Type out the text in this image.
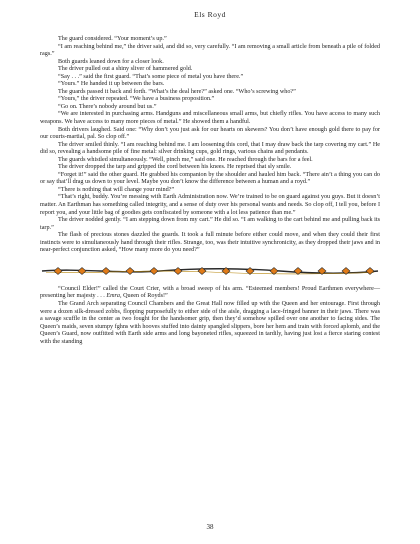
Els Royd

The guard considered. “Your moment’s up.”

“I am reaching behind me,” the driver said, and did so, very carefully. “I am removing a small article from beneath a pile of folded rags.”

Both guards leaned down for a closer look.

The driver pulled out a shiny sliver of hammered gold.

“Say . . .” said the first guard. “That’s some piece of metal you have there.”

“Yours.” He handed it up between the bars.

The guards passed it back and forth. “What’s the deal here?” asked one. “Who’s screwing who?”

“Yours,” the driver repeated. “We have a business proposition.”

“Go on. There’s nobody around but us.”

“We are interested in purchasing arms. Handguns and miscellaneous small arms, but chiefly rifles. You have access to many such weapons. We have access to many more pieces of metal.” He showed them a handful.

Both drivers laughed. Said one: “Why don’t you just ask for our hearts on skewers? You don’t have enough gold there to pay for our courts-martial, pal. So clop off.”

The driver smiled thinly. “I am reaching behind me. I am loosening this cord, that I may draw back the tarp covering my cart.” He did so, revealing a handsome pile of fine metal: silver drinking cups, gold rings, various chains and pendants.

The guards whistled simultaneously. “Well, pinch me,” said one. He reached through the bars for a feel.

The driver dropped the tarp and gripped the cord between his knees. He reprised that sly smile.

“Forget it!” said the other guard. He grabbed his companion by the shoulder and hauled him back. “There ain’t a thing you can do or say that’ll drag us down to your level. Maybe you don’t know the difference between a human and a royd.”

“There is nothing that will change your mind?”

“That’s right, buddy. You’re messing with Earth Administration now. We’re trained to be on guard against you guys. But it doesn’t matter. An Earthman has something called integrity, and a sense of duty over his personal wants and needs. So clop off, I tell you, before I report you, and your little bag of goodies gets confiscated by someone with a lot less patience than me.”

The driver nodded gently. “I am stepping down from my cart.” He did so. “I am walking to the cart behind me and pulling back its tarp.”

The flash of precious stones dazzled the guards. It took a full minute before either could move, and when they could their first instincts were to simultaneously hand through their rifles. Strange, too, was their intuitive synchronicity, as they dropped their jaws and in near-perfect conjunction asked, “How many more do you need?”

“Council Elder!” called the Court Crier, with a broad sweep of his arm. “Esteemed members! Proud Earthmen everywhere—presenting her majesty . . . Emra, Queen of Royds!”

The Grand Arch separating Council Chambers and the Great Hall now filled up with the Queen and her entourage. First through were a dozen silk-dressed zobbs, flopping purposefully to either side of the aisle, dragging a lace-fringed banner in their jaws. There was a savage scuffle in the center as two fought for the handsomer grip, then they’d somehow spilled over one another to facing sides. The Queen’s maids, seven stumpy fghns with hooves stuffed into dainty spangled slippers, bore her hem and train with forced aplomb, and the Queen’s Guard, now outfitted with Earth side arms and long bayoneted rifles, squeezed in tardily, having just lost a fierce staring contest with the standing

38
